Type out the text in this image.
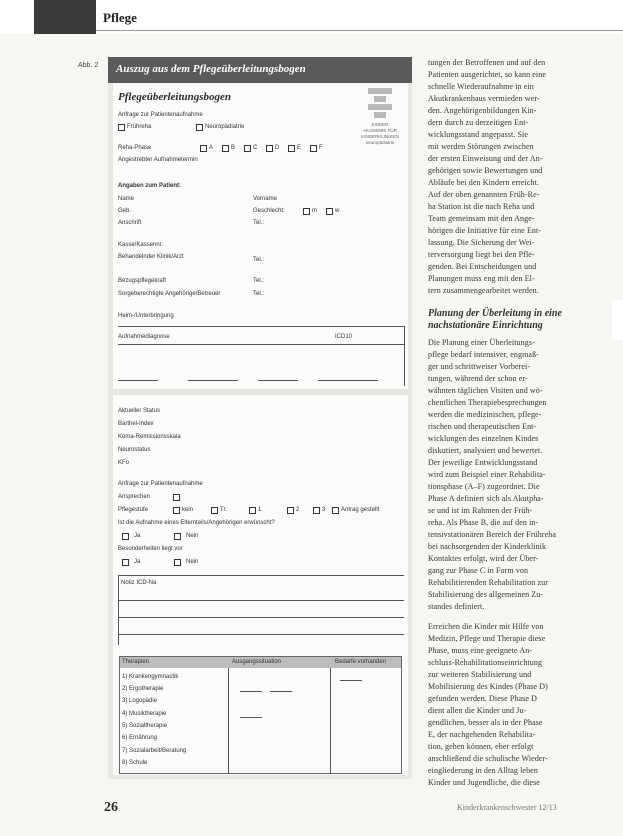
Pflege
Abb. 2 Auszug aus dem Pflegeüberleitungsbogen
Pflegeüberleitungsbogen
KINDER
AKADEMIE FÜR
KINDERKLINIKEN
neuropädiatrie
Anfrage zur Patientenaufnahme
Frühreha	Neuropädiatrie
Reha-Phase	A	B	C	D	E	F
Angestrebter Aufnahmetermin
Angaben zum Patient:
Name	Vorname
Geb.	Geschlecht:	m	w
Anschrift	Tel.:
Kasse/Kassennr.
Behandelnder Klinik/Arzt	Tel.:
Bezugspflegekraft	Tel.:
Sorgeberechtigte Angehörige/Betreuer	Tel.:
Heim-/Unterbringung
Aufnahmediagnose	ICD10
Aktueller Status
Barthel-Index
Koma-Remissionsskala
Neurostatus
KFo
Anfrage zur Patientenaufnahme
Ansprechen
Pflegestufe	kein	Tr.	1	2	3	Antrag gestellt
Ist die Aufnahme eines Elternteils/Angehörigen erwünscht?
Ja	Nein
Besonderheiten liegt vor
Ja	Nein
Notiz ICD-Na
Therapien	Ausgangssituation	Bedarfe vorhanden
1) Krankengymnastik
2) Ergotherapie
3) Logopädie
4) Musiktherapie
5) Sozialtherapie
6) Ernährung
7) Sozialarbeit/Beratung
8) Schule
tungen der Betroffenen und auf den
Patienten ausgerichtet, so kann eine
schnelle Wiederaufnahme in ein
Akutkrankenhaus vermieden wer-
den. Angehörigenbildungen Kin-
dern durch zu derzeitigen Ent-
wicklungsstand angepasst. Sie
mit werden Störungen zwischen
der ersten Einweisung und der An-
gehörigen sowie Bewertungen und
Abläufe bei den Kindern erreicht.
Auf der oben genannten Früh-Re-
ha Station ist die nach Reha und
Team gemeinsam mit den Ange-
hörigen die Initiative für eine Ent-
lassung. Die Sicherung der Wei-
terversorgung liegt bei den Pfle-
genden. Bei Entscheidungen und
Planungen muss eng mit den El-
tern zusammengearbeitet werden.
Planung der Überleitung in eine
nachstationäre Einrichtung
Die Planung einer Überleitungs-
pflege bedarf intensiver, engmaß-
ger und schrittweiser Vorberei-
tungen, während der schon er-
wähnten täglichen Visiten und wö-
chentlichen Therapiebesprechungen
werden die medizinischen, pflege-
rischen und therapeutischen Ent-
wicklungen des einzelnen Kindes
diskutiert, analysiert und bewertet.
Der jeweilige Entwicklungsstand
wird zum Beispiel einer Rehabilita-
tionsphase (A–F) zugeordnet. Die
Phase A definiert sich als Akutpha-
se und ist im Rahmen der Früh-
reha. Als Phase B, die auf den in-
tensivstationären Bereich der Frühreha
bei nachsorgenden der Kinderklinik
Kontaktes erfolgt, wird der Über-
gang zur Phase C in Form von
Rehabilitierenden Rehabilitation zur
Stabilisierung des allgemeinen Zu-
standes definiert.
Erreichen die Kinder mit Hilfe von
Medizin, Pflege und Therapie diese
Phase, muss eine geeignete An-
schluss-Rehabilitationseinrichtung
zur weiteren Stabilisierung und
Mobilisierung des Kindes (Phase D)
gefunden werden. Diese Phase D
dient allen die Kinder und Ju-
gendlichen, besser als in der Phase
E, der nachgehenden Rehabilita-
tion, gehen können, eher erfolgt
anschließend die schulische Wieder-
eingliederung in den Alltag leben
Kinder und Jugendliche, die diese
26	Kinderkrankenschwester 12/13
